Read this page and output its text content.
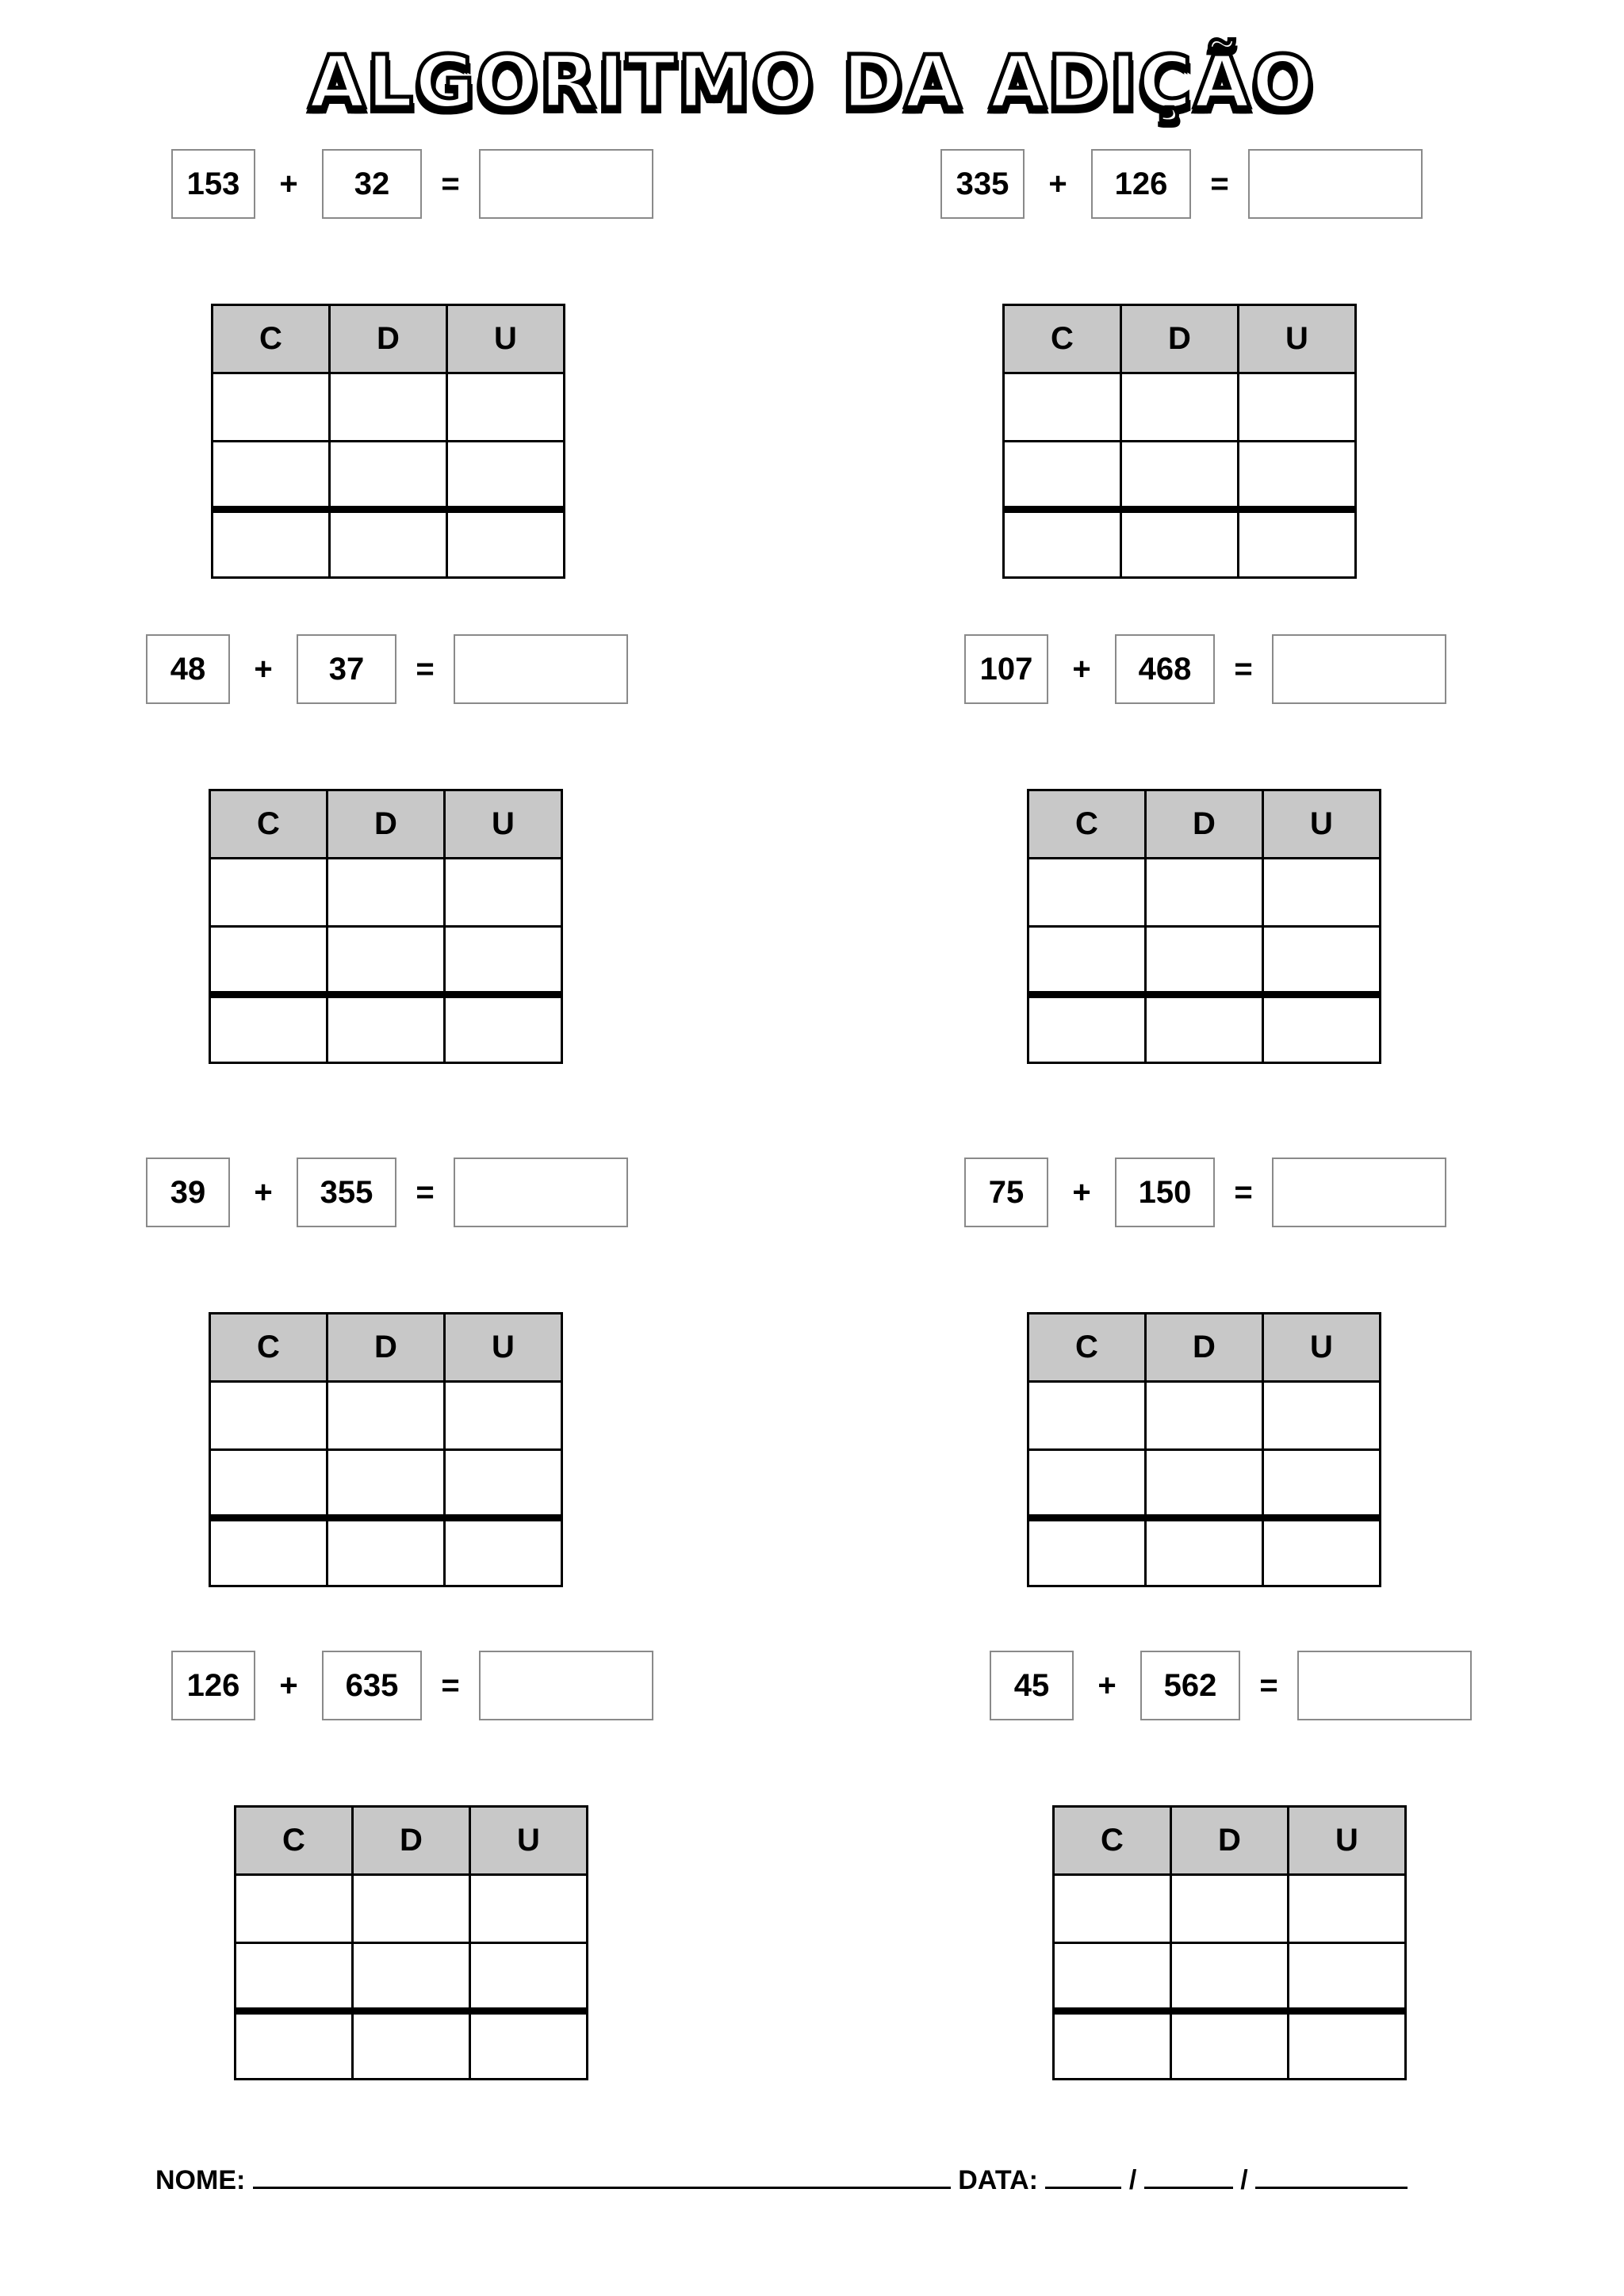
ALGORITMO DA ADIÇÃO
153 + 32 =
C	D	U

335 + 126 =
C	D	U

48 + 37 =
C	D	U

107 + 468 =
C	D	U

39 + 355 =
C	D	U

75 + 150 =
C	D	U

126 + 635 =
C	D	U

45 + 562 =
C	D	U

NOME:	DATA:	/	/
